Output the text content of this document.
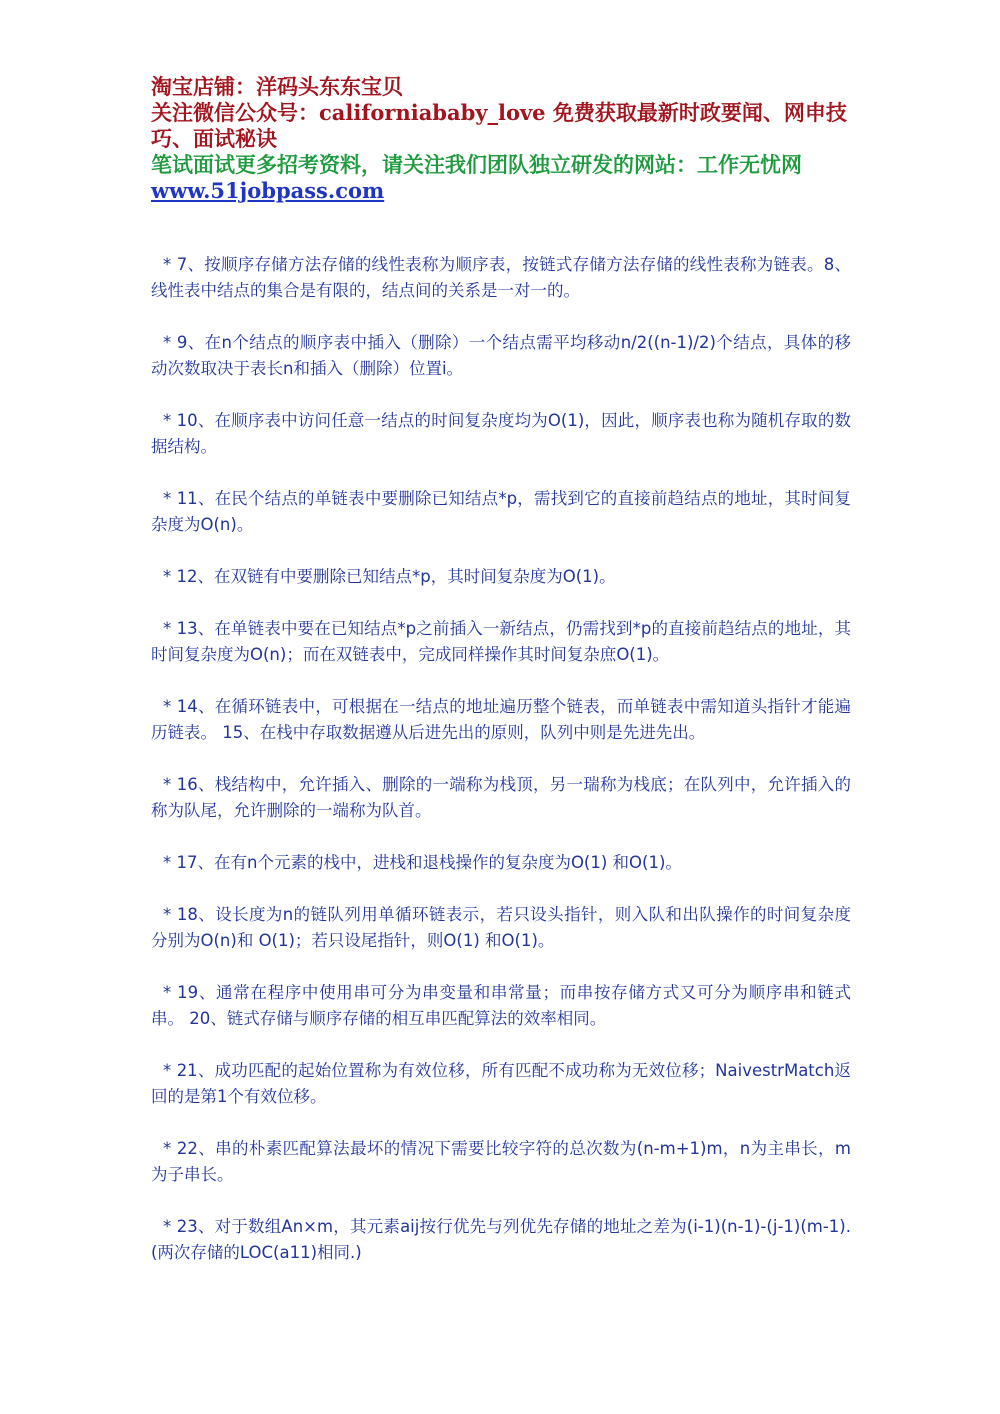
淘宝店铺：洋码头东东宝贝

关注微信公众号：californiababy_love 免费获取最新时政要闻、网申技巧、面试秘诀

笔试面试更多招考资料，请关注我们团队独立研发的网站：工作无忧网 www.51jobpass.com

* 7、按顺序存储方法存储的线性表称为顺序表，按链式存储方法存储的线性表称为链表。8、线性表中结点的集合是有限的，结点间的关系是一对一的。

* 9、在n个结点的顺序表中插入（删除）一个结点需平均移动n/2((n-1)/2)个结点，具体的移动次数取决于表长n和插入（删除）位置i。

* 10、在顺序表中访问任意一结点的时间复杂度均为O(1)，因此，顺序表也称为随机存取的数据结构。

* 11、在民个结点的单链表中要删除已知结点*p，需找到它的直接前趋结点的地址，其时间复杂度为O(n)。

* 12、在双链有中要删除已知结点*p，其时间复杂度为O(1)。

* 13、在单链表中要在已知结点*p之前插入一新结点，仍需找到*p的直接前趋结点的地址，其时间复杂度为O(n)；而在双链表中，完成同样操作其时间复杂庶O(1)。

* 14、在循环链表中，可根据在一结点的地址遍历整个链表，而单链表中需知道头指针才能遍历链表。 15、在栈中存取数据遵从后进先出的原则，队列中则是先进先出。

* 16、栈结构中，允许插入、删除的一端称为栈顶，另一瑞称为栈底；在队列中，允许插入的称为队尾，允许删除的一端称为队首。

* 17、在有n个元素的栈中，进栈和退栈操作的复杂度为O(1) 和O(1)。

* 18、设长度为n的链队列用单循环链表示，若只设头指针，则入队和出队操作的时间复杂度分别为O(n)和 O(1)；若只设尾指针，则O(1) 和O(1)。

* 19、通常在程序中使用串可分为串变量和串常量；而串按存储方式又可分为顺序串和链式串。 20、链式存储与顺序存储的相互串匹配算法的效率相同。

* 21、成功匹配的起始位置称为有效位移，所有匹配不成功称为无效位移；NaivestrMatch返回的是第1个有效位移。

* 22、串的朴素匹配算法最坏的情况下需要比较字符的总次数为(n-m+1)m，n为主串长，m为子串长。

* 23、对于数组An×m，其元素aij按行优先与列优先存储的地址之差为(i-1)(n-1)-(j-1)(m-1).(两次存储的LOC(a11)相同.)
